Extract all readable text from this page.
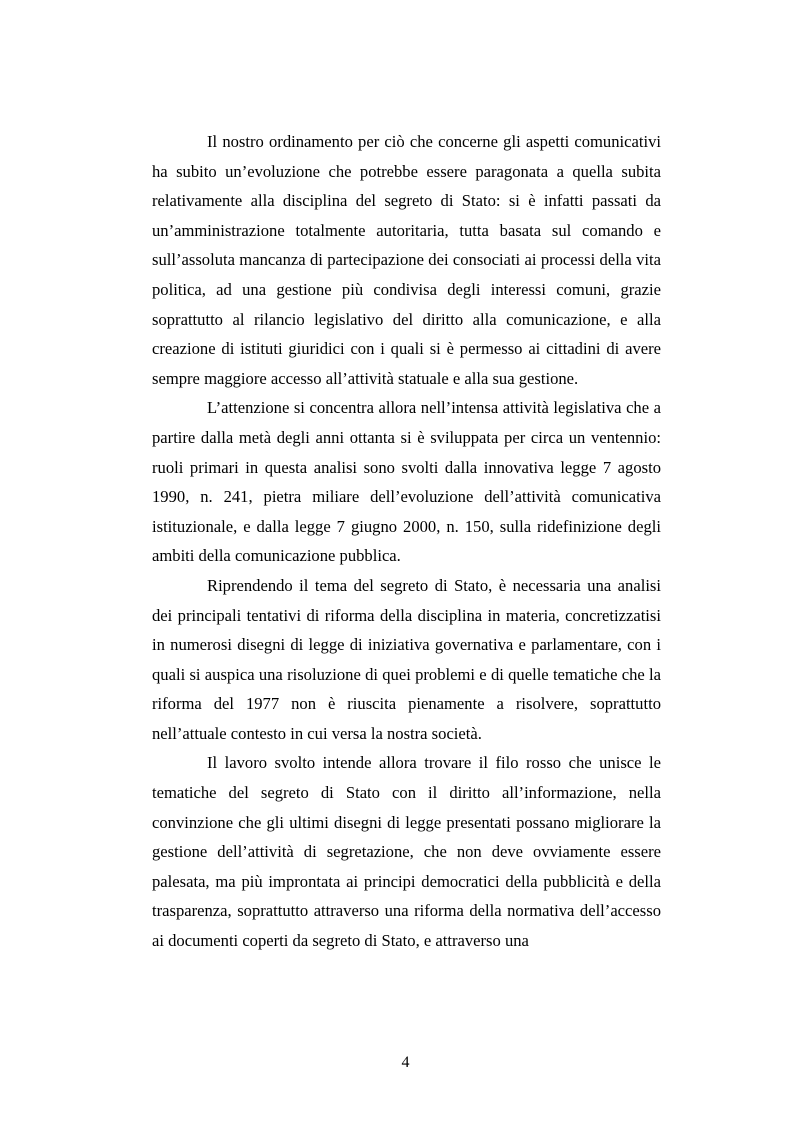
Il nostro ordinamento per ciò che concerne gli aspetti comunicativi ha subito un’evoluzione che potrebbe essere paragonata a quella subita relativamente alla disciplina del segreto di Stato: si è infatti passati da un’amministrazione totalmente autoritaria, tutta basata sul comando e sull’assoluta mancanza di partecipazione dei consociati ai processi della vita politica, ad una gestione più condivisa degli interessi comuni, grazie soprattutto al rilancio legislativo del diritto alla comunicazione, e alla creazione di istituti giuridici con i quali si è permesso ai cittadini di avere sempre maggiore accesso all’attività statuale e alla sua gestione.

L’attenzione si concentra allora nell’intensa attività legislativa che a partire dalla metà degli anni ottanta si è sviluppata per circa un ventennio: ruoli primari in questa analisi sono svolti dalla innovativa legge 7 agosto 1990, n. 241, pietra miliare dell’evoluzione dell’attività comunicativa istituzionale, e dalla legge 7 giugno 2000, n. 150, sulla ridefinizione degli ambiti della comunicazione pubblica.

Riprendendo il tema del segreto di Stato, è necessaria una analisi dei principali tentativi di riforma della disciplina in materia, concretizzatisi in numerosi disegni di legge di iniziativa governativa e parlamentare, con i quali si auspica una risoluzione di quei problemi e di quelle tematiche che la riforma del 1977 non è riuscita pienamente a risolvere, soprattutto nell’attuale contesto in cui versa la nostra società.

Il lavoro svolto intende allora trovare il filo rosso che unisce le tematiche del segreto di Stato con il diritto all’informazione, nella convinzione che gli ultimi disegni di legge presentati possano migliorare la gestione dell’attività di segretazione, che non deve ovviamente essere palesata, ma più improntata ai principi democratici della pubblicità e della trasparenza, soprattutto attraverso una riforma della normativa dell’accesso ai documenti coperti da segreto di Stato, e attraverso una

4
